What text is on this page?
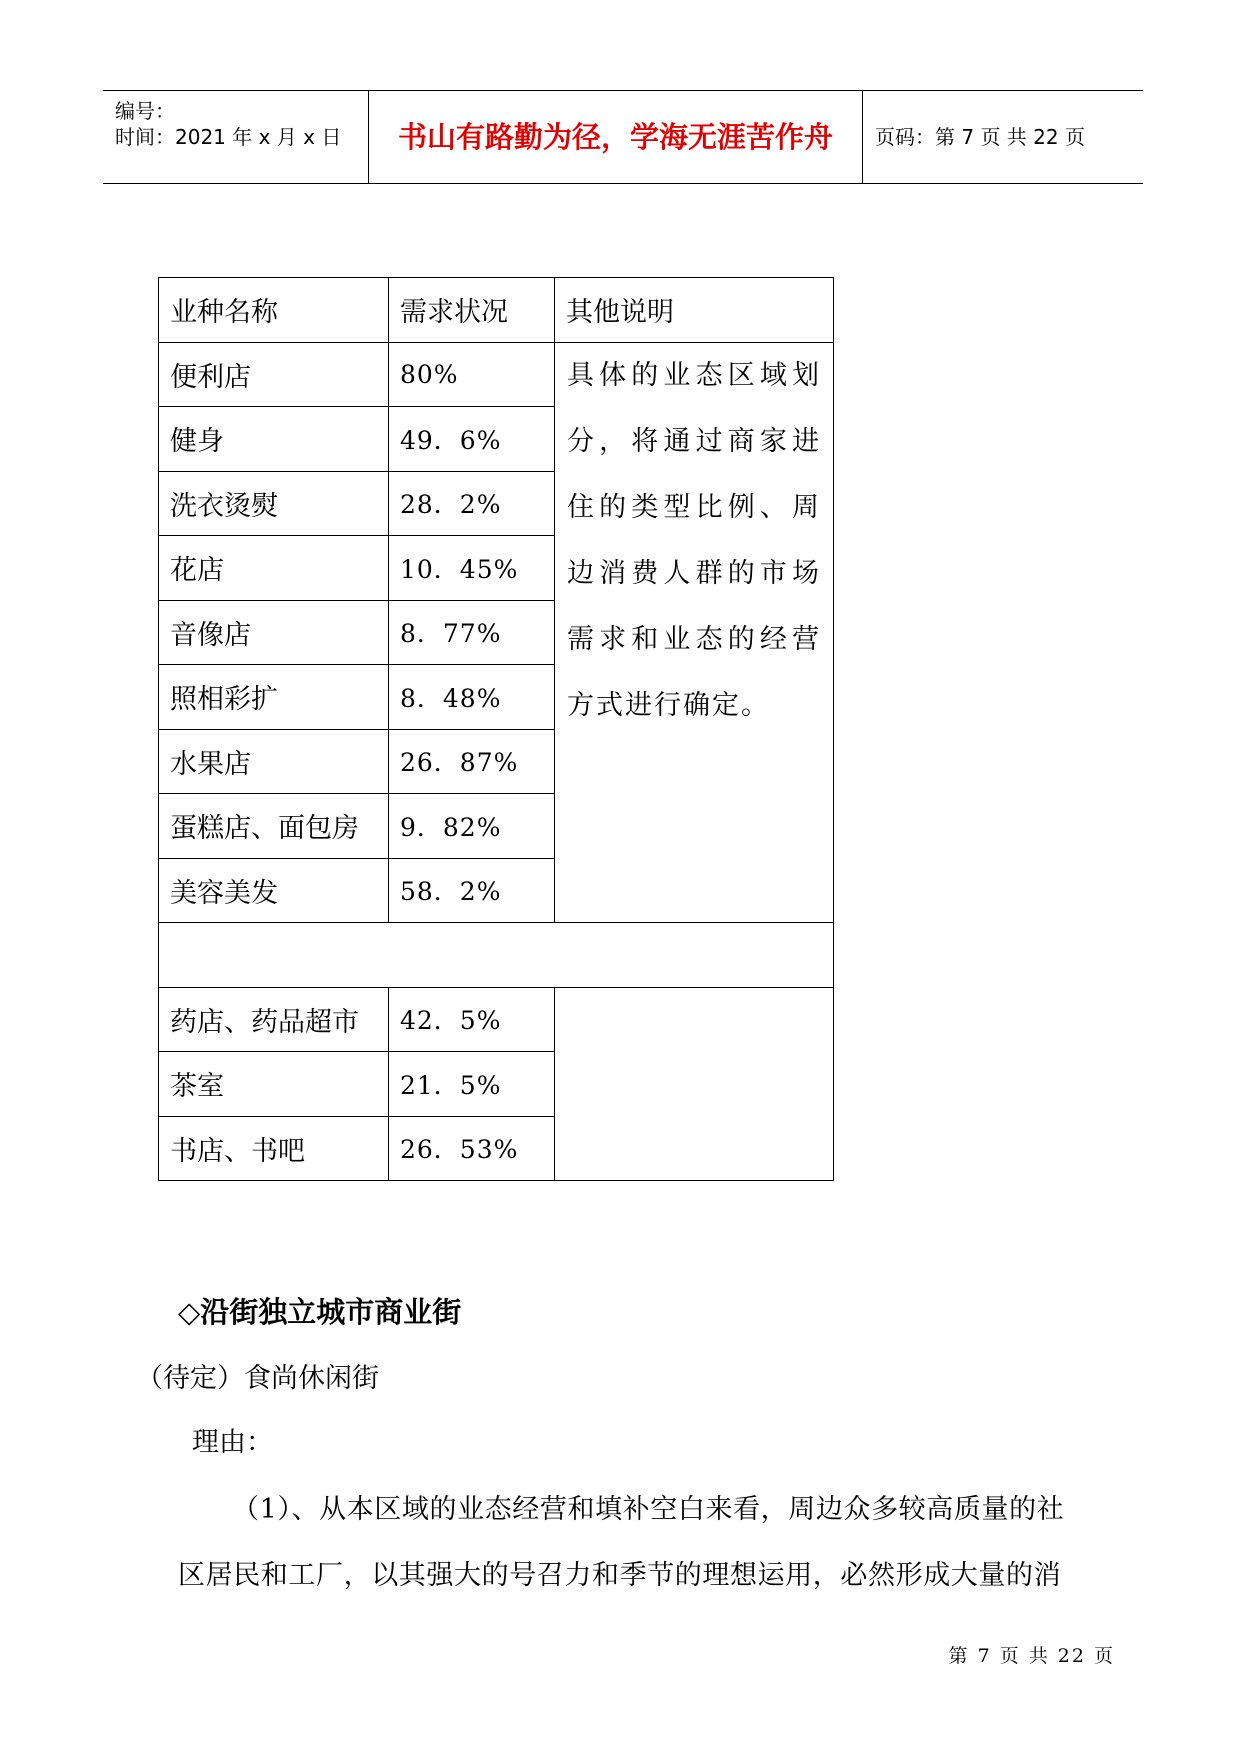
编号：
时间：2021 年 x 月 x 日	书山有路勤为径，学海无涯苦作舟	页码：第 7 页 共 22 页
业种名称	需求状况	其他说明
便利店	80%	具体的业态区域划分，将通过商家进住的类型比例、周边消费人群的市场需求和业态的经营方式进行确定。
健身	49．6%	
洗衣烫熨	28．2%	
花店	10．45%	
音像店	8．77%	
照相彩扩	8．48%	
水果店	26．87%	
蛋糕店、面包房	9．82%	
美容美发	58．2%	

药店、药品超市	42．5%	
茶室	21．5%	
书店、书吧	26．53%	
◇沿街独立城市商业街
（待定）食尚休闲街
理由：
（1）、从本区域的业态经营和填补空白来看，周边众多较高质量的社
区居民和工厂，以其强大的号召力和季节的理想运用，必然形成大量的消
第 7 页 共 22 页
